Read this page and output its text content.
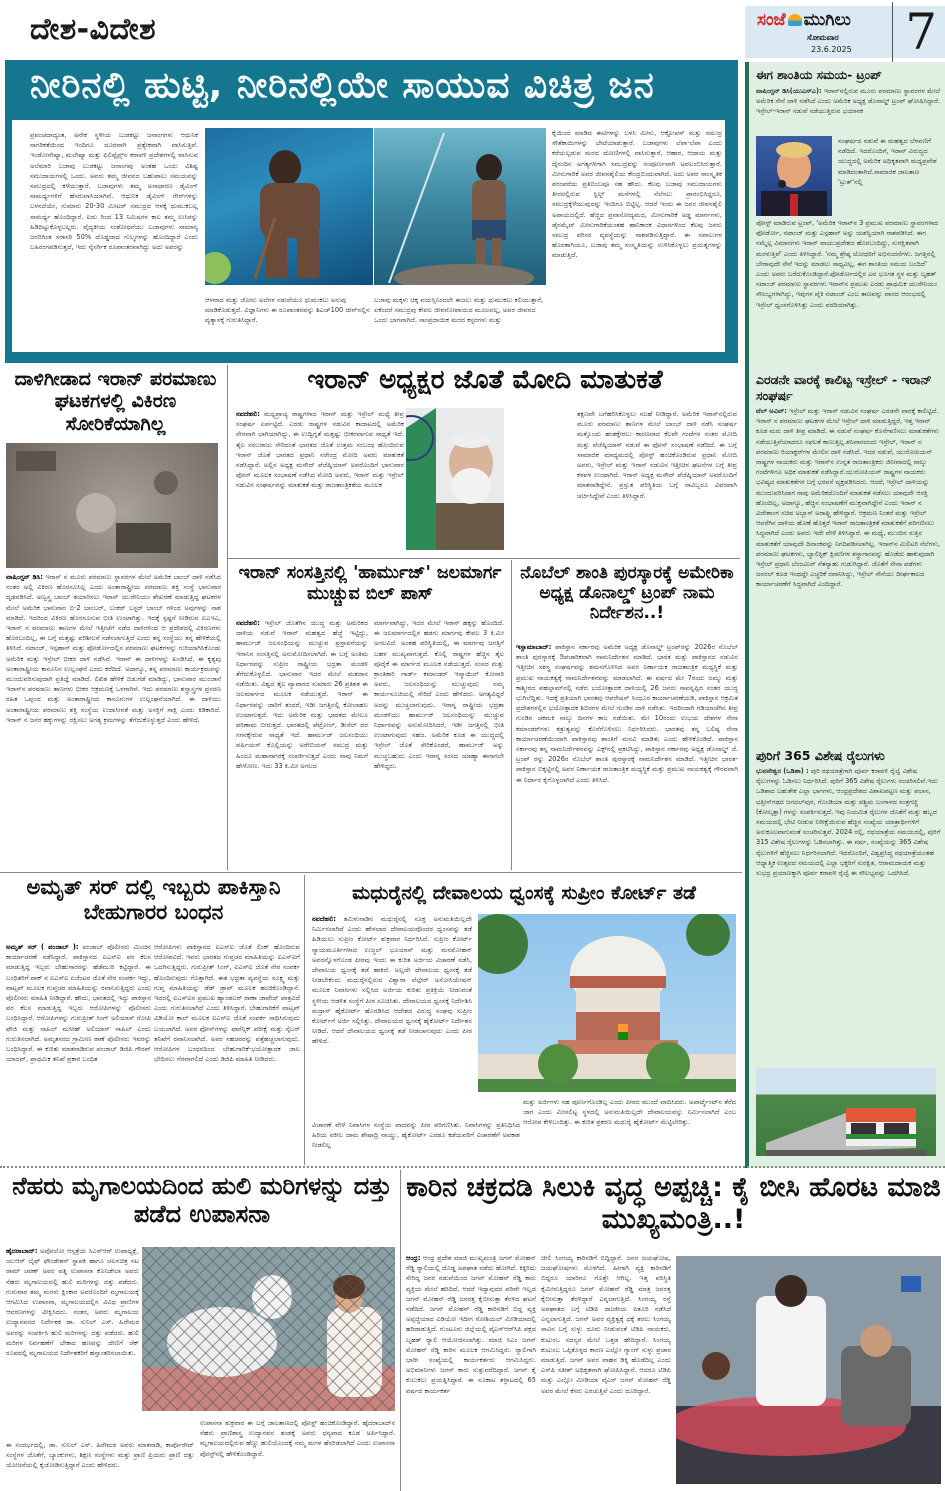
ದೇಶ-ವಿದೇಶ	ಸಂಜೆ ಮುಗಿಲು
ಸೋಮವಾರ
23.6.2025 7
ನೀರಿನಲ್ಲಿ ಹುಟ್ಟಿ, ನೀರಿನಲ್ಲಿಯೇ ಸಾಯುವ ವಿಚಿತ್ರ ಜನ
ಪ್ರಪಂಚದಾದ್ಯಂತ, ಅನೇಕ ಸ್ಥಳೀಯ ಬುಡಕಟ್ಟು ಜನಾಂಗಗಳು ಆಧುನಿಕ ನಾಗರಿಕತೆಯಿಂದ ಇಂದಿಗೂ ದೂರವಾಗಿ ಪ್ರತ್ಯೇಕವಾಗಿ ವಾಸಿಸುತ್ತಿವೆ. ಇಂಡೋನೇಷ್ಯಾ, ಮಲೇಷ್ಯಾ ಮತ್ತು ಫಿಲಿಪ್ಪೈನ್ಸ್‌ನ ಕರಾವಳಿ ಪ್ರದೇಶಗಳಲ್ಲಿ ವಾಸಿಸುವ ಅಲೆಮಾರಿ ಬಜಾವು ಬುಡಕಟ್ಟು ಜನಾಂಗವು ಅಂತಹ ಒಂದು ವಿಶಿಷ್ಟ ಸಮುದಾಯಗಳಲ್ಲಿ ಒಂದು. ಅವರು ತಮ್ಮ ಜೀವನದ ಬಹುಪಾಲು ಸಮಯವನ್ನು ಸಮುದ್ರದಲ್ಲಿ ಕಳೆಯುತ್ತಾರೆ. ಬಜಾವುಗಳು ತಮ್ಮ ಅಸಾಧಾರಣ ಡೈವಿಂಗ್ ಸಾಮರ್ಥ್ಯಗಳಿಗೆ ಹೆಸರುವಾಸಿಯಾಗಿವೆ. ಆಧುನಿಕ ಡೈವಿಂಗ್ ಗೇರ್‌ಗಳನ್ನು ಬಳಸದೆಯೇ, ಸುಮಾರು 20-30 ಮೀಟರ್ ಸಮುದ್ರದ ಆಳಕ್ಕೆ ಧುಮುಕಬಲ್ಲ ಸಾಮರ್ಥ್ಯ ಹೊಂದಿದ್ದಾರೆ. ಐದು ರಿಂದ 13 ನಿಮಿಷಗಳ ಕಾಲ ತಮ್ಮ ಉಸಿರನ್ನು ಹಿಡಿದಿಟ್ಟುಕೊಳ್ಳಬಲ್ಲರು. ವೈದ್ಯಕೀಯ ಸಂಶೋಧನೆಯು ಬಜಾವುಗಳು ಸಾಮಾನ್ಯ ಜನರಿಗಿಂತ ಸರಾಸರಿ 50% ದೊಡ್ಡದಾದ ಗುಲ್ಮಗಳನ್ನು ಹೊಂದಿದ್ದಾರೆ ಎಂದು ಬಹಿರಂಗಪಡಿಸುತ್ತದೆ, ಇದು ನೈಸರ್ಗಿಕ ರೂಪಾಂತರವಾಗಿದ್ದು ಅದು ಅವರನ್ನು
ಆಳವಾದ ಮತ್ತು ಜೋರು ಅಲೆಗಳ ನಡುವೆಯೂ ಧುಮುಕಲು ಅನುವು ಮಾಡಿಕೊಡುತ್ತದೆ. ವಿಜ್ಞಾನಿಗಳು ಈ ರೂಪಾಂತರವನ್ನು ಶಿಎಚ್100 ಜೀನ್‌ನಲ್ಲಿನ ವ್ಯತ್ಯಾಸಕ್ಕೆ ಗುರುತಿಸಿದ್ದಾರೆ.
ಬಜಾವು ಮಕ್ಕಳು ಚಿಕ್ಕ ವಯಸ್ಸಿನಿಂದಲೇ ಈಜಲು ಮತ್ತು ಧುಮುಕಲು ಕಲಿಯುತ್ತಾರೆ, ಏಕೆಂದರೆ ಸಮುದ್ರವು ಕೇವಲ ಜೀವನೋಪಾಯದ ಮೂಲವಲ್ಲ, ಅವರ ಜೀವನದ ಒಂದು ಭಾಗವಾಗಿದೆ. ಸಾಂಪ್ರದಾಯಿಕ ಮರದ ಕಸ್ಟರಗಳು ಮತ್ತು
ಕೈಯಿಂದ ಮಾಡಿದ ಈಟಿಗಳನ್ನು ಬಳಸಿ ಮೀನು, ಆಕ್ಟೋಪಸ್ ಮತ್ತು ಸಮುದ್ರ ಸೌತೆಕಾಯಿಗಳನ್ನು ಬೇಟೆಯಾಡುತ್ತಾರೆ. ಬಜಾವುಗಳು ಲೆಪಾ-ಲೆಪಾ ಎಂದು ಕರೆಯಲ್ಪಡುವ ಮರದ ದೋಣಿಗಳಲ್ಲಿ ವಾಸಿಸುತ್ತಾರೆ, ಆಹಾರ, ಆದಾಯ ಮತ್ತು ದೈನಂದಿನ ಅಗತ್ಯಗಳಿಗಾಗಿ ಸಮುದ್ರವನ್ನು ಸಂಪೂರ್ಣವಾಗಿ ಅವಲಂಬಿಸಿರುತ್ತಾರೆ. ಮೀನುಗಾರಿಕೆ ಅವರ ಜೀವನಶೈಲಿಯ ಕೇಂದ್ರಬಿಂದುವಾಗಿದೆ. ಅದು ಅವರ ಸಾಂಸ್ಕೃತಿಕ ಪರಂಪರೆಯ ಪ್ರತಿಬಿಂಬವೂ ಸಹ ಹೌದು. ಕೆಲವು ಬಜಾವು ಸಮುದಾಯಗಳು ತೀರದಲ್ಲಿರುವ ಸ್ಟಿಲ್ಟ್ ಮನೆಗಳಲ್ಲಿ ನೆಲೆಸಲು ಪ್ರಾರಂಭಿಸಿದ್ದರೂ, ಸಮುದ್ರಕ್ಕೆಳೆಯುವುದನ್ನು ಇಂದಿಗೂ ಬಿಟ್ಟಿಲ್ಲ. ಆದರೆ ಇಂದು ಈ ಜನರ ಜೀವನಶೈಲಿ ಅಪಾಯದಲ್ಲಿದೆ. ಹೆಚ್ಚಿದ ಪ್ರವಾಸೋದ್ಯಮದ, ಮೀನುಗಾರಿಕೆ ಅಡ್ಡ ಮಾರ್ಗಗಳು, ಡೈನಮೈಟ್ ಮೀನುಗಾರಿಕೆಯಂತಹ ಹಾನಿಕಾರಕ ವಿಧಾನಗಳಿಂದ ಕೆಲವು ಜನರು ಸಮುದ್ರ ಪರಿಸರ ವ್ಯವಸ್ಥೆಯನ್ನು ನಾಶಪಡಿಸುತ್ತಿದ್ದಾರೆ. ಈ ಸವಾಲುಗಳ ಹೊರತಾಗಿಯೂ, ಬಜಾವು ತಮ್ಮ ಸಂಸ್ಕೃತಿಯನ್ನು ಉಳಿಸಿಕೊಳ್ಳಲು ಪ್ರಯತ್ನಗಳನ್ನು ಮಾಡುತ್ತಿದೆ.
ದಾಳಿಗೀಡಾದ ಇರಾನ್ ಪರಮಾಣು ಘಟಕಗಳಲ್ಲಿ ವಿಕಿರಣ ಸೋರಿಕೆಯಾಗಿಲ್ಲ
ವಾಷಿಂಗ್ಟನ್ ಡಿಸಿ: ಇರಾನ್ ನ ಮೂರು ಪರಮಾಣು ಸ್ಥಾವರಗಳ ಮೇಲೆ ಅಮೆರಿಕ ಬಾಂಬ್ ದಾಳಿ ನಡೆಸಿದ ನಂತರ ಅಲ್ಲಿ ವಿಕಿರಣ ಹೊರಸೂಸಿಲ್ಲ ಎಂದು ಅಂತಾರಾಷ್ಟ್ರೀಯ ಪರಮಾಣು ಶಕ್ತಿ ಸಂಸ್ಥೆ ಭಾನುವಾರ ದೃಢಪಡಿಸಿದೆ. ಅಣ್ವಸ್ತ್ರ ಬಾಂಬ್ ತಯಾರಿಸಲು ಇರಾನ್ ಯುರೇನಿಯಂ ಶೇಖರಣೆ ಮಾಡುತ್ತಿದ್ದ ಘಟಕಗಳ ಮೇಲೆ ಅಮೆರಿಕ ಭಾನುವಾರ ಬಿ-2 ಬಾಂಬರ್, ಬಂಕರ್ ಬಸ್ಟರ್ ಬಾಂಬ್ ಗಳಿಂದ ಅವುಗಳನ್ನು ನಾಶ ಮಾಡಿದೆ. ಇದರಿಂದ ವಿಕಿರಣ ಹೊರಸೂಸುವ ಭೀತಿ ಉಂಟಾಗಿತ್ತು. ಇದಕ್ಕೆ ಸ್ಪಷ್ಟನೆ ನೀಡಿರುವ ಐಎಇಎ, ಇರಾನ್ ನ ಪರಮಾಣು ತಾಣಗಳ ಮೇಲೆ ಇತ್ತೀಚೆಗೆ ನಡೆದ ದಾಳಿಗಳಿಂದ ಆ ಪ್ರದೇಶದಲ್ಲಿ ವಿಕಿರಣಗಳು ಹೊರಬಂದಿಲ್ಲ, ಈ ಬಗ್ಗೆ ಮತ್ತಷ್ಟು ಪರಿಶೀಲನೆ ನಡೆಸಲಾಗುತ್ತಿದೆ ಎಂದು ತನ್ನ ಸಂಸ್ಥೆಯು ತನ್ನ ಹೇಳಿಕೆಯಲ್ಲಿ ತಿಳಿಸಿದೆ. ನಟಾಂಜ್, ಇಸ್ಫಹಾನ್ ಮತ್ತು ಫೋರ್ಡೋದಲ್ಲಿನ ಪರಮಾಣು ಘಟಕಗಳನ್ನು ಗುರಿಯಾಗಿಸಿಕೊಂಡು ಅಮೆರಿಕ ಮತ್ತು ಇಸ್ರೇಲ್ ಭೀಕರ ದಾಳಿ ನಡೆಸಿವೆ. ಇರಾನ್ ಈ ದಾಳಿಗಳನ್ನು ಖಂಡಿಸಿದೆ. ಈ ಕೃತ್ಯವು ಅಂತಾರಾಷ್ಟ್ರೀಯ ಕಾನೂನಿನ ಉಲ್ಲಂಘನೆ ಎಂದು ಕರೆದಿದೆ. ಅದಾಗ್ಯೂ, ತನ್ನ ಪರಮಾಣು ಕಾರ್ಯಕ್ರಮವನ್ನು ಮುಂದುವರಿಸುವುದಾಗಿ ಪ್ರತಿಜ್ಞೆ ಮಾಡಿದೆ. ಲಿಖಿತ ಹೇಳಿಕೆ ಬಿಡುಗಡೆ ಮಾಡಿದ್ದು, ಭಾನುವಾರ ಮುಂಜಾನೆ ಇರಾನ್‌ನ ಪರಮಾಣು ತಾಣಗಳು ಭೀಕರ ಆಕ್ರಮಣಕ್ಕೆ ಒಳಗಾಗಿವೆ. ಇದು ಪರಮಾಣು ಶಸ್ತ್ರಾಸ್ತ್ರಗಳ ಪ್ರಸರಣ ರಹಿತ ಒಪ್ಪಂದ ಮತ್ತು ಅಂತಾರಾಷ್ಟ್ರೀಯ ಕಾನೂನುಗಳ ಉಲ್ಲಂಘನೆಯಾಗಿದೆ. ಈ ದಾಳಿಯು ಅಂತಾರಾಷ್ಟ್ರೀಯ ಪರಮಾಣು ಶಕ್ತಿ ಸಂಸ್ಥೆಯ ಉದಾಸೀನತೆ ಮತ್ತು ಅಸಕ್ತಿಗೆ ಸಾಕ್ಷಿ ಎಂದು ಕಿಡಿಕಾರಿದೆ. ಇರಾನ್ ನ ಜನರ ಹಕ್ಕುಗಳನ್ನು ರಕ್ಷಿಸಲು ಅಗತ್ಯ ಕ್ರಮಗಳನ್ನು ತೆಗೆದುಕೊಳ್ಳುತ್ತದೆ ಎಂದು ಹೇಳಿದೆ.
ಇರಾನ್ ಅಧ್ಯಕ್ಷರ ಜೊತೆ ಮೋದಿ ಮಾತುಕತೆ
ನವದೆಹಲಿ: ಮಧ್ಯಪ್ರಾಚ್ಯ ರಾಷ್ಟ್ರಗಳಾದ ಇರಾನ್ ಮತ್ತು ಇಸ್ರೇಲ್ ಮಧ್ಯೆ ತೀವ್ರ ಸಂಘರ್ಷ ಏರ್ಪಟ್ಟಿದೆ. ಎರಡು ರಾಷ್ಟ್ರಗಳ ನಡುವಿನ ಕಾದಾಟದಲ್ಲಿ ಅಮೆರಿಕ ನೇರವಾಗಿ ಭಾಗಿಯಾಗಿದ್ದು, ಈ ಉದ್ವಿಗ್ನತೆ ಮತ್ತಷ್ಟು ಭೀಕರವಾಗುವ ಸಾಧ್ಯತೆ ಇದೆ. ತೈಲ ಸರಬರಾಜು ಸೇರಿದಂತೆ ಭಾರತದ ಜೊತೆ ಉತ್ತಮ ಸಂಬಂಧ ಹೊಂದಿರುವ ಇರಾನ್ ಜೊತೆ ಭಾರತದ ಪ್ರಧಾನಿ ನರೇಂದ್ರ ಮೋದಿ ಅವರು ಮಾತುಕತೆ ನಡೆಸಿದ್ದಾರೆ. ಅಲ್ಲಿನ ಅಧ್ಯಕ್ಷ ಮಸೌದ್ ಪೆಜೆಷ್ಕಿಯಾನ್ ಅವರೊಂದಿಗೆ ಭಾನುವಾರ ಫೋನ್ ಮೂಲಕ ಸಂಭಾಷಣೆ ನಡೆಸಿದ ಮೋದಿ ಅವರು, ಇರಾನ್ ಮತ್ತು ಇಸ್ರೇಲ್ ನಡುವಿನ ಸಂಘರ್ಷವನ್ನು ಮಾತುಕತೆ ಮತ್ತು ರಾಜತಾಂತ್ರಿಕತೆಯ ಮೂಲಕ
ತಕ್ಷಣವೇ ಬಗೆಹರಿಸಿಕೊಳ್ಳಲು ಸಲಹೆ ನೀಡಿದ್ದಾರೆ. ಅಮೆರಿಕ ಇರಾನ್‌ನಲ್ಲಿರುವ ಮೂರು ಪರಮಾಣು ತಾಣಗಳ ಮೇಲೆ ಬಾಂಬ್ ದಾಳಿ ನಡೆಸಿ ಸಂಘರ್ಷ ಮತ್ತೊಂದು ಹಂತಕ್ಕೇರಲು ಕಾರಣವಾದ ಕೆಲವೇ ಗಂಟೆಗಳ ನಂತರ ಮೋದಿ ಮತ್ತು ಪೆಜೆಷ್ಕಿಯಾನ್ ನಡುವೆ ಈ ಫೋನ್ ಸಂಭಾಷಣೆ ನಡೆದಿದೆ. ಈ ಬಗ್ಗೆ ಸಾಮಾಜಿಕ ಮಾಧ್ಯಮದಲ್ಲಿ ಪೋಸ್ಟ್ ಹಂಚಿಕೊಂಡಿರುವ ಪ್ರಧಾನಿ ಮೋದಿ ಅವರು, ಇಸ್ರೇಲ್ ಮತ್ತು ಇರಾನ್ ನಡುವಿನ ಇತ್ತೀಚಿನ ಘಟನೆಗಳ ಬಗ್ಗೆ ತೀವ್ರ ಕಳವಳ ಉಂಟಾಗಿದೆ. ಇರಾನ್ ಅಧ್ಯಕ್ಷ ಮಸೌದ್ ಪೆಜೆಷ್ಕಿಯಾನ್ ಅವರೊಂದಿಗೆ ಮಾತನಾಡಿದ್ದೇನೆ. ಪ್ರಸ್ತುತ ಪರಿಸ್ಥಿತಿಯ ಬಗ್ಗೆ ನಾವಿಬ್ಬರೂ ವಿವರವಾಗಿ ಚರ್ಚಿಸಿದ್ದೇವೆ ಎಂದು ತಿಳಿಸಿದ್ದಾರೆ.
ಇರಾನ್ ಸಂಸತ್ತಿನಲ್ಲಿ 'ಹಾರ್ಮುಜ್' ಜಲಮಾರ್ಗ ಮುಚ್ಚುವ ಬಿಲ್ ಪಾಸ್
ನವದೆಹಲಿ: ಇಸ್ರೇಲ್ ಜೊತೆಗಿನ ಯುದ್ಧ ಮತ್ತು ಅಮೆರಿಕದ ದಾಳಿಯ ನಡುವೆ ಇರಾನ್ ಮಹತ್ವದ ಹೆಜ್ಜೆ ಇಟ್ಟಿದ್ದು, ಹಾರ್ಮುಜ್ ಜಲಸಂಧಿಯನ್ನು ಮುಚ್ಚುವ ಪ್ರಸ್ತಾವನೆಯನ್ನು ಇರಾನಿನ ಸಂಸತ್ತಿನಲ್ಲಿ ಅನುಮೋದಿಸಲಾಗಿದೆ. ಈ ಬಗ್ಗೆ ಅಂತಿಮ ನಿರ್ಧಾರವನ್ನು ಸುಪ್ರೀಂ ರಾಷ್ಟ್ರೀಯ ಭದ್ರತಾ ಮಂಡಳಿ ತೆಗೆದುಕೊಳ್ಳಲಿದೆ. ಭಾನುವಾರ ಇದರ ಮೇಲೆ ಮತದಾನ ನಡೆಯಿತು. ವಿಶ್ವದ ತೈಲ ವ್ಯಾಪಾರದ ಸುಮಾರು 26 ಪ್ರತಿಶತ ಈ ಜಲಮಾರ್ಗದ ಮೂಲಕ ನಡೆಯುತ್ತದೆ. ಇರಾನ್ ಈ ನಿರ್ಧಾರವನ್ನು ಜಾರಿಗೆ ತಂದರೆ, ಇಡೀ ಜಗತ್ತಿನಲ್ಲಿ ಕೋಲಾಹಲ ಉಂಟಾಗುತ್ತದೆ. ಇದು ಅಮೆರಿಕ ಮತ್ತು ಭಾರತದ ಮೇಲೂ ಪರಿಣಾಮ ಬೀರುತ್ತದೆ. ಭಾರತದಲ್ಲಿ ಪೆಟ್ರೋಲ್, ಡೀಸೆಲ್ ದರ ಗಗನಕ್ಕೇರುವ ಸಾಧ್ಯತೆ ಇದೆ. ಹಾರ್ಮುಜ್ ಜಲಸಂಧಿಯು ಪರ್ಷಿಯನ್ ಕೊಲ್ಲಿಯನ್ನು ಅರೇಬಿಯನ್ ಸಮುದ್ರ ಮತ್ತು ಹಿಂದೂ ಮಹಾಸಾಗರಕ್ಕೆ ಸಂಪರ್ಕಿಸುತ್ತದೆ ಎಂದು ನಾವು ನಿಮಗೆ ಹೇಳೋಣ. ಇದು 33 ಕಿ.ಮೀ ಅಗಲದ
ಮಾರ್ಗವಾಗಿದ್ದು, ಇದರ ಮೇಲೆ ಇರಾನ್ ಹಕ್ಕನ್ನು ಹೊಂದಿದೆ. ಈ ಜಲಮಾರ್ಗದಲ್ಲಿನ ಹಡಗು ಮಾರ್ಗವು ಕೇವಲ 3 ಕಿ.ಮೀ ಅಗಲವಿದೆ. ಅಂತಹ ಪರಿಸ್ಥಿತಿಯಲ್ಲಿ, ಈ ಮಾರ್ಗವು ಜಗತ್ತಿಗೆ ಬಹಳ ಮುಖ್ಯವಾಗುತ್ತದೆ. ಕೊಲ್ಲಿ ರಾಷ್ಟ್ರಗಳ ಹೆಚ್ಚಿನ ತೈಲ ಪೂರೈಕೆ ಈ ಮಾರ್ಗದ ಮೂಲಕ ನಡೆಯುತ್ತದೆ. ಸಂಸದ ಮತ್ತು ಕ್ರಾಂತಿಕಾರಿ ಗಾರ್ಡ್ ಕಮಾಂಡರ್ ಇಸ್ಮಾಯಿಲ್ ಕೋಸಾರಿ ಅವರು, ಜಲಸಂಧಿಯನ್ನು ಮುಚ್ಚುವುದು ನಮ್ಮ ಕಾರ್ಯಸೂಚಿಯಲ್ಲಿ ಸೇರಿದೆ ಎಂದು ಹೇಳಿದರು. ಅಗತ್ಯವಿದ್ದರೆ ಅದನ್ನು ಮುಚ್ಚಲಾಗುವುದು. ಇರಾನ್ನ ರಾಷ್ಟ್ರೀಯ ಭದ್ರತಾ ಮಂಡಳಿಯು ಹಾರ್ಮುಜ್ ಜಲಸಂಧಿಯನ್ನು ಮುಚ್ಚುವ ನಿರ್ಧಾರವನ್ನು ಅನುಮೋದಿಸಿದರೆ, ಇಡೀ ಜಗತ್ತಿನಲ್ಲಿ ಭೀತಿ ಉಂಟಾಗುವುದು ಸಹಜ. ಅಮೆರಿಕ ಕೂಡ ಈ ಯುದ್ಧದಲ್ಲಿ ಇಸ್ರೇಲ್ ಜೊತೆ ಸೇರಿಕೊಂಡರೆ, ಹಾರ್ಮುಜ್ ಅನ್ನು ಮುಚ್ಚಬಹುದು ಎಂದು ಇರಾನ್ನ ಸಂಸದ ಯಾಹ್ಯಾ ಈಗಾಗಲೇ ಹೇಳಿದ್ದರು.
ನೊಬೆಲ್ ಶಾಂತಿ ಪುರಸ್ಕಾರಕ್ಕೆ ಅಮೇರಿಕಾ ಅಧ್ಯಕ್ಷ ಡೊನಾಲ್ಡ್ ಟ್ರಂಪ್ ನಾಮ ನಿರ್ದೇಶನ..!
ಇಸ್ಲಾಮಾಬಾದ್: ಪಾಕಿಸ್ತಾನ ಸರ್ಕಾರವು ಅಮೆರಿಕ ಅಧ್ಯಕ್ಷ ಡೊನಾಲ್ಡ್ ಟ್ರಂಪ್‌ರನ್ನು 2026ರ ನೊಬೆಲ್ ಶಾಂತಿ ಪುರಸ್ಕಾರಕ್ಕೆ ಔಪಚಾರಿಕವಾಗಿ ನಾಮನಿರ್ದೇಶನ ಮಾಡಿದೆ. ಭಾರತ ಮತ್ತು ಪಾಕಿಸ್ತಾನದ ನಡುವಿನ ಇತ್ತೀಚಿನ ಸಶಸ್ತ್ರ ಸಂಘರ್ಷವನ್ನು ಶಮನಗೊಳಿಸಿದ ಅವರ ನಿರ್ಣಾಯಕ ರಾಜತಾಂತ್ರಿಕ ಮಧ್ಯಸ್ಥಿಕೆ ಮತ್ತು ಪ್ರಮುಖ ನಾಯಕತ್ವಕ್ಕೆ ನಾಮನಿರ್ದೇಶನವನ್ನು ಮಾಡಲಾಗಿದೆ. ಈ ವರ್ಷದ ಮೇ 7ರಂದು ಜಮ್ಮು ಮತ್ತು ಕಾಶ್ಮೀರದ ಪಹಲ್ಗಾಮ್‌ನಲ್ಲಿ ನಡೆದ ಭಯೋತ್ಪಾದಕ ದಾಳಿಯಲ್ಲಿ 26 ಜನರು ಸಾವನ್ನಪ್ಪಿದ ನಂತರ ಯುದ್ಧ ಭುಗಿಲೆದ್ದಿತು. ಇದಕ್ಕೆ ಪ್ರತಿಯಾಗಿ ಭಾರತವು ಆಪರೇಷನ್ ಸಿಂಧೂರ ಕಾರ್ಯಾಚರಣೆಯಡಿ, ಪಾಕಿಸ್ತಾನ ಆಕ್ರಮಿತ ಪ್ರದೇಶಗಳಲ್ಲಿನ ಭಯೋತ್ಪಾದಕ ಶಿಬಿರಗಳ ಮೇಲೆ ಗುಂಡಿನ ದಾಳಿ ನಡೆಸಿತು. ಇದರಿಂದಾಗಿ ಗಡಿಯಾಚೆಗಿನ ತೀವ್ರ ಗುಂಡಿನ ಚಕಮಕಿ ನಾಲ್ಕು ದಿನಗಳ ಕಾಲ ನಡೆಯಿತು. ಮೇ 10ರಂದು ಉಭಯ ದೇಶಗಳ ಸೇನಾ ಕಮಾಂಡರ್‌ಗಳು ಶತ್ರುತ್ವವನ್ನು ಕೊನೆಗೊಳಿಸಲು ನಿರ್ಧರಿಸಿದರು. ಭಾರತವು ತನ್ನ ಬಲಿಷ್ಠ ಸೇನಾ ಕಾರ್ಯಾಚರಣೆಯಿಂದಾಗಿ ಪಾಕಿಸ್ತಾನವು ಶಾಂತಿಗೆ ಮನವಿ ಮಾಡಿತು ಎಂದು ಹೇಳಿಕೊಂಡಿದೆ. ಪಾಕಿಸ್ತಾನ ಸರ್ಕಾರವು ತನ್ನ ನಾಮನಿರ್ದೇಶನವನ್ನು ಎಕ್ಸ್‌ನಲ್ಲಿ ಪ್ರಕಟಿಸಿದ್ದು, ಪಾಕಿಸ್ತಾನ ಸರ್ಕಾರವು ಅಧ್ಯಕ್ಷ ಡೊನಾಲ್ಡ್ ಜೆ. ಟ್ರಂಪ್ ರನ್ನು 2026ರ ನೊಬೆಲ್ ಶಾಂತಿ ಪುರಸ್ಕಾರಕ್ಕೆ ನಾಮನಿರ್ದೇಶನ ಮಾಡಿದೆ. ಇತ್ತೀಚಿನ ಭಾರತ-ಪಾಕಿಸ್ತಾನ ಬಿಕ್ಕಟ್ಟಿನಲ್ಲಿ ಅವರ ನಿರ್ಣಾಯಕ ರಾಜತಾಂತ್ರಿಕ ಮಧ್ಯಸ್ಥಿಕೆ ಮತ್ತು ಪ್ರಮುಖ ನಾಯಕತ್ವಕ್ಕೆ ಗೌರವವಾಗಿ ಈ ನಿರ್ಧಾರ ಕೈಗೊಳ್ಳಲಾಗಿದೆ ಎಂದು ತಿಳಿಸಿದೆ.
ಅಮೃತ್ ಸರ್ ದಲ್ಲಿ ಇಬ್ಬರು ಪಾಕಿಸ್ತಾನಿ ಬೇಹುಗಾರರ ಬಂಧನ
ಅಮೃತ್ ಸರ್ ( ಪಂಜಾಬ್ ): ಪಂಜಾಬ್ ಪೊಲೀಸರು ಮಿಂಚಿನ ಕಾರ್ಯಾಚರಣೆ ನಡೆಸಿದ್ದಾರೆ. ಪಾಕಿಸ್ತಾನದ ಐಎಸ್ಐ ಪರ ಕೆಲಸ ಮಾಡುತ್ತಿದ್ದ ಇಬ್ಬರು ಬೇಹುಗಾರರನ್ನು ಹೆಡೆಮುರಿ ಕಟ್ಟಿದ್ದಾರೆ. ಈ ಬಂಧಿತರಿಗೆ ಪಾಕ್ ನ ಐಎಸ್ಐ ಏಜೆಂಟರ ಜೊತೆ ನೇರ ಸಂಪರ್ಕ ಇದ್ದು, ವಾಟ್ಸಪ್ ಮೂಲಕ ಗುಪ್ತಚರ ಮಾಹಿತಿಯನ್ನು ರವಾನಿಸುತ್ತಿದ್ದರು ಎಂದು ಪೊಲೀಸರು ಮಾಹಿತಿ ನೀಡಿದ್ದಾರೆ. ಹೌದು, ಭಾರತದಲ್ಲಿ ಇದ್ದು ಪಾಕಿಸ್ತಾನ ಪರ ಕೆಲಸ ಮಾಡುತ್ತಿದ್ದ ಇಬ್ಬರು ಆರೋಪಿಗಳನ್ನು ಪೊಲೀಸರು ಬಂಧಿಸಿದ್ದಾರೆ. ಆರೋಪಿಗಳನ್ನು ಗುರುಪ್ರೀತ್ ಸಿಂಗ್ ಅಲಿಯಾಸ್ ಗೋಪಿ ಫೌಜಿ ಮತ್ತು ಸಾಹಿಲ್ ಮಸೀಹ್ ಅಲಿಯಾಸ್ ಸಾಹಿಲ್ ಎಂದು ಗುರುತಿಸಲಾಗಿದೆ. ಅಮೃತಸರದ ಗ್ರಾಮೀಣ ಠಾಣೆ ಪೊಲೀಸರು ಇವರನ್ನು ಬಂಧಿಸಿದ್ದಾರೆ. ಈ ಕುರಿತು ಮಾತನಾಡಿರುವ ಪಂಜಾಬ್ ಡಿಜಿಪಿ ಗೌರವ್ ಯಾದವ್, ಪ್ರಾಥಮಿಕ ತನಿಖೆ ಪ್ರಕಾರ ಬಂಧಿತ
ಆರೋಪಿಗಳು ಪಾಕಿಸ್ತಾನದ ಐಎಸ್ಐ ಜೊತೆ ಲಿಂಕ್ ಹೊಂದಿರುವ ಆರೋಪವಿದೆ. ಇವರು ಭಾರತದ ಗುಪ್ತಚರ ಮಾಹಿತಿಯನ್ನು ಐಎಸ್ಐಗೆ ಒದಗಿಸುತ್ತಿದ್ದರು. ಗುರುಪ್ರೀತ್ ಸಿಂಗ್, ಐಎಸ್ಐ ಜೊತೆ ನೇರ ಸಂಪರ್ಕ ಹೊಂದಿರುವುದು ಗೊತ್ತಾಗಿದೆ. ಈತ ಭದ್ರತಾ ವ್ಯವಸ್ಥೆಯ ಸೂಕ್ಷ್ಮ ಮತ್ತು ಗುಪ್ತ ಮಾಹಿತಿಯನ್ನು ಡೆಡ್ ಡ್ರಾಪ್ ಮೂಲಕ ಹಂಚಿಕೊಂಡಿದ್ದಾನೆ. ಇದರಲ್ಲಿ ಐಎಸ್ಐನ ಪ್ರಮುಖ ಹ್ಯಾಂಡಲರ್ ರಾಣಾ ಜಾವೇದ್ ಪಾತ್ರವಿದೆ ಎಂದು ಗುರುತಿಸಲಾಗಿದೆ ಎಂದು ತಿಳಿಸಿದ್ದಾರೆ. ಬೇಹುಗಾರಿಕೆಗೆ ವಾಟ್ಸಪ್ ವಿಡಿಯೋ ಕಾಲ್ ಮೂಲಕ ಐಎಸ್ಐ ಜೊತೆ ಸಂಪರ್ಕ ಸಾಧಿಸಿರುವುದು ಬಯಲಾಗಿದೆ. ಅವರ ಫೋನ್‌ಗಳನ್ನು ಫಾರೆನ್ಸಿಕ್ ಪರೀಕ್ಷೆ ಮತ್ತು ಸೈಬರ್ ತನಿಖೆಗೆ ರವಾನಿಸಲಾಗಿದೆ. ಅವರ ಸಹಚರರನ್ನು ಪತ್ತೆಹಚ್ಚಲಾಗುವುದು. ಆರೋಪಿಗಳ ಬಂಧನದಿಂದ ಬೇಹುಗಾರಿಕೆ-ಭಯೋತ್ಪಾದಕ ಜಾಲ ಭೇದಿಸಲು ನೆರವಾಗಲಿದೆ ಎಂದು ಡಿಜಿಪಿ ಮಾಹಿತಿ ನೀಡಿದರು.
ಮಧುರೈನಲ್ಲಿ ದೇವಾಲಯ ಧ್ವಂಸಕ್ಕೆ ಸುಪ್ರೀಂ ಕೋರ್ಟ್ ತಡೆ
ನವದೆಹಲಿ: ತಮಿಳುನಾಡಿನ ಮಧುರೈನಲ್ಲಿ ಸೂಕ್ತ ಅನುಮತಿಯಿಲ್ಲದೇ ನಿರ್ಮಿಸಲಾಗಿದೆ ಎಂದು ಹೇಳಲಾದ ದೇವಾಲಯವೊಂದರ ಧ್ವಂಸವನ್ನು ತಡೆ ಹಿಡಿಯಲು ಸುಪ್ರೀಂ ಕೋರ್ಟ್ ಶುಕ್ರವಾರ ನಿರ್ಧರಿಸಿದೆ. ಸುಪ್ರೀಂ ಕೋರ್ಟ್ ನ್ಯಾಯಮೂರ್ತಿಗಳಾದ ಉಜ್ಜಲ್ ಭೂಯಾನ್ ಮತ್ತು ಮನಮೋಹನ್ ಅವರನ್ನೊಳಗೊಂಡ ಪೀಠವು ಇಂದು ಈ ಕುರಿತ ಅರ್ಜಿಯ ವಿಚಾರಣೆ ನಡೆಸಿ, ದೇವಾಲಯ ಧ್ವಂಸಕ್ಕೆ ತಡೆ ಹಾಕಿದೆ. ಅಲ್ಲದೇ ದೇವಾಲಯ ಧ್ವಂಸಕ್ಕೆ ತಡೆ ನೀಡಬೇಕೆಂದು ಮಧುರೈನಲ್ಲಿರುವ ವಿಶ್ವಾರಾ ವೆಲ್ಫೇರ್ ಅಸೋಸಿಯೇಷನ್ ಮೂಲಕ ನಿವಾಸಿಗಳು ಸಲ್ಲಿಸಿದ ಅರ್ಜಿಯ ಕುರಿತು ಪ್ರತಿಕ್ರಿಯೆ ನೀಡುವಂತೆ ಸ್ಥಳೀಯ ಆಡಳಿತ ಸಂಸ್ಥೆಗೆ ಪೀಠ ಸೂಚಿಸಿತು. ದೇವಾಲಯದ ಧ್ವಂಸಕ್ಕೆ ನಿರ್ದೇಶಿಸಿ ಮದ್ರಾಸ್ ಹೈಕೋರ್ಟ್ ಹೊರಡಿಸಿದ ಆದೇಶದ ವಿರುದ್ಧ ಸಂಘವು ಸುಪ್ರೀಂ ಕೋರ್ಟ್‌ಗೆ ಅರ್ಜಿ ಸಲ್ಲಿಸಿತ್ತು. ದೇವಾಲಯದ ಧ್ವಂಸಕ್ಕೆ ಹೈಕೋರ್ಟ್ ನಿರ್ದೇಶನ ನೀಡಿದೆ. ಆದರೆ ದೇವಾಲಯದ ಧ್ವಂಸಕ್ಕೆ ತಡೆ ನೀಡಲಾಗುವುದು ಎಂದು ಪೀಠ ಹೇಳಿದೆ.
ವಿಚಾರಣೆ ವೇಳೆ ನಿವಾಸಿಗಳ ಸಂಸ್ಥೆಯ ವಾದವನ್ನು ಪೀಠ ಪರಿಗಣಿಸಿತು. ನಿವಾಸಿಗಳನ್ನು ಪ್ರತಿನಿಧಿಸಿದ ಹಿರಿಯ ವಕೀಲ ದಾಮ ಶೇಷಾದ್ರಿ ನಾಯ್ಡು, ಹೈಕೋರ್ಟ್ ಎರಡೂ ಕಡೆಯವರಿಗೆ ವಿಚಾರಣೆಗೆ ಅವಕಾಶ ನೀಡಲಿಲ್ಲ
ಮತ್ತು ಅರ್ಜಿಗಳು ಸಹ ಪೂರ್ಣಗೊಂಡಿಲ್ಲ ಎಂದು ಪೀಠದ ಮುಂದೆ ವಾದಿಸಿದರು. ಅಪಾರ್ಟ್ಮೆಂಟ್‌ನ ತೆರೆದ ಜಾಗ ಎಂದು ಮೀಸಲಿಟ್ಟ ಸ್ಥಳದಲ್ಲಿ ಅನುಮತಿಯಿಲ್ಲದೇ ದೇವಾಲಯವನ್ನು ನಿರ್ಮಿಸಲಾಗಿದೆ ಎಂಬ ಆರೋಪ ಕೇಳಿಬಂದಿತ್ತು. ಈ ಕುರಿತ ಪ್ರಕರಣ ಮಧುರೈ ಹೈಕೋರ್ಟ್ ಮೆಟ್ಟಿಲೇರಿತ್ತು.
ಈಗ ಶಾಂತಿಯ ಸಮಯ- ಟ್ರಂಪ್
ವಾಷಿಂಗ್ಟನ್ ಡಿಸಿ(ಯುಎಸ್‌ಎ): ಇರಾನ್‌ನಲ್ಲಿರುವ ಮೂರು ಪರಮಾಣು ಸ್ಥಾವರಗಳ ಮೇಲೆ ಅಮೆರಿಕ ಸೇನೆ ದಾಳಿ ನಡೆಸಿದೆ ಎಂದು ಅಮೆರಿಕ ಅಧ್ಯಕ್ಷ ಡೊನಾಲ್ಡ್ ಟ್ರಂಪ್ ಘೋಷಿಸಿದ್ದಾರೆ. ಇಸ್ರೇಲ್-ಇರಾನ್ ನಡುವೆ ನಡೆಯುತ್ತಿರುವ ಭಯಾನಕ
ಸಂಘರ್ಷದ ನಡುವೆ ಈ ಮಹತ್ವದ ಬೆಳವಣಿಗೆ ನಡೆದಿದೆ. ಇದರೊಂದಿಗೆ, ಇರಾನ್ ವಿರುದ್ಧದ ಯುದ್ಧದಲ್ಲಿ ಅಮೆರಿಕ ಅಧಿಕೃತವಾಗಿ ಮಧ್ಯಪ್ರವೇಶ ಮಾಡಿದಂತಾಗಿದೆ.ಸಾಮಾಜಿಕ ಜಾಲತಾಣ 'ಟ್ರುತ್'ನಲ್ಲಿ
ಪೋಸ್ಟ್ ಮಾಡಿರುವ ಟ್ರಂಪ್, 'ಅಮೆರಿಕ ಇರಾನ್‌ನ 3 ಪ್ರಮುಖ ಪರಮಾಣು ಸ್ಥಾವರಗಳಾದ ಫೋರ್ಡೋ, ನಟಾಂಜ್ ಮತ್ತು ಎಸ್ಫಹಾನ್ ಅನ್ನು ಯಶಸ್ವಿಯಾಗಿ ನಾಶಪಡಿಸಿದೆ. ಈಗ ನಮ್ಮೆಲ್ಲ ವಿಮಾನಗಳು ಇರಾನ್ ವಾಯುಪ್ರದೇಶದ ಹೊರಬಂದಿದ್ದು, ಸುರಕ್ಷಿತವಾಗಿ ಮರಳುತ್ತಿವೆ' ಎಂದು ತಿಳಿಸಿದ್ದಾರೆ. 'ನಮ್ಮ ಶ್ರೇಷ್ಠ ಯೋಧರಿಗೆ ಅಭಿನಂದನೆಗಳು. ಜಗತ್ತಿನಲ್ಲಿ ಬೇರಾವುದೇ ಸೇನೆ ಇದನ್ನು ಮಾಡಲು ಸಾಧ್ಯವಿಲ್ಲ, ಈಗ ಶಾಂತಿಯ ಸಮಯ ಬಂದಿದೆ' ಎಂದು ಅವರು ಬರೆದುಕೊಂಡಿದ್ದಾರೆ.ಫೋರ್ಡೋದಲ್ಲಿರ ಎವ ಭೂಗತ ಸ್ಥಳ ಮತ್ತು ಬೃಹತ್ ನಟಾಂಜ್ ಪರಮಾಣು ಸ್ಥಾವರಗಳು ಇರಾನ್‌ನ ಪ್ರಮುಖ ಎರಡು ಪ್ರಾಥಮಿಕ ಯುರೇನಿಯಂ ಸೌಲಭ್ಯಗಳಾಗಿದ್ದು, ಇವುಗಳ ಪೈಕಿ ನಟಾಂಜ್ ಎಂಬ ತಾಣವನ್ನು ವಾರದ ಆರಂಭದಲ್ಲಿ ಇಸ್ರೇಲ್ ಧ್ವಂಸಗೊಳಿಸಿತ್ತು ಎಂದು ವರದಿಯಾಗಿತ್ತು.
ಎರಡನೇ ವಾರಕ್ಕೆ ಕಾಲಿಟ್ಟ ಇಸ್ರೇಲ್ - ಇರಾನ್ ಸಂಘರ್ಷ
ಟೆಲ್ ಅವಿವ್: ಇಸ್ರೇಲ್ ಮತ್ತು ಇರಾನ್ ನಡುವಿನ ಸಂಘರ್ಷ ಎರಡನೇ ವಾರಕ್ಕೆ ಕಾಲಿಟ್ಟಿದೆ. ಇರಾನ್ ನ ಪರಮಾಣು ಘಟಕಗಳ ಮೇಲೆ ಇಸ್ರೇಲ್ ದಾಳಿ ಮಾಡುತ್ತಿದ್ದರೆ, ಇತ್ತ ಇರಾನ್ ಕೂಡ ಮರು ದಾಳಿ ತೀವ್ರ ಮಾಡಿದೆ. ಈ ನಡುವೆ ಸಂಘರ್ಷ ಕೊನೆಗಾಣಿಸಲು ಮಾತುಕತೆಗಳು ನಡೆಯುತ್ತಿವೆಯಾದರೂ ಸಫಲತೆ ಕಾಣುತ್ತಿಲ್ಲ.ಶನಿವಾರದಂದು ಇಸ್ರೇಲ್, ಇರಾನ್ ನ ಪರಮಾಣು ರಿಯಾಕ್ಟರ್‌ಗಳ ಮೇಲಿನ ದಾಳಿ ನಡೆಸಿದೆ. ಇದರ ನಡುವೆ, ಯುರೋಪಿಯನ್ ರಾಷ್ಟ್ರಗಳ ನಾಯಕರು ಮತ್ತು ಇರಾನ್‌ನ ಉನ್ನತ ರಾಜತಾಂತ್ರಿಕರು ಜಿನೀವಾದಲ್ಲಿ ನಾಲ್ಕು ಗಂಟೆಗಳಿಗೂ ಅಧಿಕ ಮಾತುಕತೆ ನಡೆಸಿದ್ದಾರೆ.ಯುರೋಪಿಯನ್ ರಾಷ್ಟ್ರಗಳ ನಾಯಕರು ಭವಿಷ್ಯದ ಮಾತುಕತೆಗಳ ಬಗ್ಗೆ ಭರವಸೆ ವ್ಯಕ್ತಪಡಿಸಿದರು. ಆದರೆ, ಇಸ್ರೇಲ್ ದಾಳಿಯನ್ನು ಮುಂದುವರಿಸಿದಾಗ ನಾವು ಅಮೆರಿಕದೊಂದಿಗೆ ಮಾತುಕತೆ ನಡೆಸಲು ಯಾವುದೇ ಆಸಕ್ತಿ ಹೊಂದಿಲ್ಲ, ಅದಾಗ್ಯೂ, ಹೆಚ್ಚಿನ ಸಂಭಾಷಣೆಗೆ ಮುಕ್ತವಾಗಿದ್ದೇನೆ ಎಂದು ಇರಾನ್ ನ ವಿದೇಶಾಂಗ ಸಚಿವ ಅಬ್ಬಾಸ್ ಅರಾಘ್ಚಿ ಹೇಳಿದ್ದಾರೆ. ಆಕ್ರಮಣ ನಿಂತರೆ ಮತ್ತು ಇಸ್ರೇಲ್ ಆವರೆಗಿನ ದಾಳಿಯ ಹೊಣೆ ಹೊತ್ತರೆ ಇರಾನ್ ರಾಜತಾಂತ್ರಿಕತೆ ಮಾತುಕತೆಗೆ ಪರಿಗಣಿಸಲು ಸಿದ್ಧವಾಗಿದೆ ಎಂದು ಅವರು ಇದೇ ವೇಳೆ ತಿಳಿಸಿದ್ದಾರೆ. ಈ ಮಧ್ಯೆ, ಮುಂದಿನ ಸುತ್ತಿನ ಮಾತುಕತೆಗೆ ಯಾವುದೇ ದಿನಾಂಕವನ್ನು ನಿಗದಿಪಡಿಸಲಾಗಿಲ್ಲ. ಇರಾನ್‌ನ ಮಿಲಿಟರಿ ನೆಲೆಗಳು, ಪರಮಾಣು ಘಟಕಗಳು, ಬ್ಯಾಲಿಸ್ಟಿಕ್ ಕ್ಷಿಪಣಿಗಳ ಶಸ್ತ್ರಾಗಾರವನ್ನು ಹೊಡೆದು ಹಾಕುವುದಾಗಿ ಇಸ್ರೇಲ್ ಪ್ರಧಾನಿ ಬೆಂಜಮಿನ್ ನೆತನ್ಯಾಹು ಗುಡುಗಿದ್ದಾರೆ. ಜೊತೆಗೆ ಸೇನಾ ಪಡೆಗಳು ಜನರಲ್ ಕೂಡ ಇಂಥದ್ದೇ ಎಚ್ಚರಿಕೆ ರವಾನಿಸಿದ್ದು, ಇಸ್ರೇಲ್ ಸೇನೆಯು ದೀರ್ಘಕಾಲದ ಕಾರ್ಯಾಚರಣೆಗೆ ಸಿದ್ಧವಾಗಿದೆ ಎಂದಿದ್ದಾರೆ.
ಪುರಿಗೆ 365 ವಿಶೇಷ ರೈಲುಗಳು
ಭುವನೇಶ್ವರ (ಒಡಿಶಾ) : ಪುರಿ ರಥಯಾತ್ರೆಗಾಗಿ ಪೂರ್ವ ಕರಾವಳಿ ರೈಲ್ವೆ ವಿಶೇಷ ರೈಲುಗಳನ್ನು ಓಡಿಸಲು ನಿರ್ಧರಿಸಿದೆ. ಪುರಿಗೆ 365 ವಿಶೇಷ ರೈಲುಗಳು ಸಂಚರಿಸಲಿವೆ.ಇದು ಒಡಿಶಾದ ಬಹುತೇಕ ಎಲ್ಲಾ ಭಾಗಗಳು, ಆಂಧ್ರಪ್ರದೇಶದ ವಿಶಾಖಪಟ್ಟಣ ಮತ್ತು ಪಲಾಸ, ಛತ್ತೀಸ್‌ಗಢದ ಜಗದಲ್‌ಪುರ, ಗೊಂಡಿಯಾ ಮತ್ತು ಪಶ್ಚಿಮ ಬಂಗಾಳದ ಸಂತ್ರಗಚ್ಚಿ (ಕೋಲ್ಕತ್ತಾ) ಗಳನ್ನು ಸಂಪರ್ಕಿಸುತ್ತದೆ. ಇವು ನಿಯಮಿತ ರೈಲುಗಳ ಜೊತೆಗೆ ಮತ್ತು ಹಬ್ಬದ ಸಮಯದಲ್ಲಿ ಭೇಟಿ ನೀಡುವ ನಿರೀಕ್ಷೆಯಿರುವ ಹೆಚ್ಚಿನ ಸಂಖ್ಯೆಯ ಯಾತ್ರಾರ್ಥಿಗಳಿಗೆ ಅನುಕೂಲವಾಗುವಂತೆ ಸಂಚರಿಸುತ್ತವೆ. 2024 ರಲ್ಲಿ, ರಥಯಾತ್ರೆಯ ಸಮಯದಲ್ಲಿ, ಪುರಿಗೆ 315 ವಿಶೇಷ ರೈಲುಗಳನ್ನು ಓಡಿಸಲಾಗಿತ್ತು. ಈ ವರ್ಷ, ಸಂಖ್ಯೆಯನ್ನು 365 ವಿಶೇಷ ರೈಲುಗಳಿಗೆ ಹೆಚ್ಚಿಸಲು ನಿರ್ಧರಿಸಲಾಗಿದೆ. ಇದರೊಂದಿಗೆ, ವಿಶ್ವಪ್ರಸಿದ್ಧ ರಥಯಾತ್ರೆಯಂತಹ ಆಧ್ಯಾತ್ಮಿಕ ಉತ್ಸವದ ಸಮಯದಲ್ಲಿ ಎಲ್ಲಾ ಭಕ್ತರಿಗೆ ಸುರಕ್ಷಿತ, ಆರಾಮದಾಯಕ ಮತ್ತು ಸುಭದ್ರ ಪ್ರಯಾಣಕ್ಕಾಗಿ ಪೂರ್ವ ಕರಾವಳಿ ರೈಲ್ವೆ ಈ ಸೌಲಭ್ಯವನ್ನು ಒದಗಿಸಿದೆ.
ನೆಹರು ಮೃಗಾಲಯದಿಂದ ಹುಲಿ ಮರಿಗಳನ್ನು ದತ್ತು ಪಡೆದ ಉಪಾಸನಾ
ಹೈದರಾಬಾದ್: ಅಪೋಲೋ ಆಸ್ಪತ್ರೆಯ ಸಿಎಸ್‌ಆರ್ ಉಪಾಧ್ಯಕ್ಷೆ, ಯುಆರ್ ಲೈಫ್ ಫೌಂಡೇಶನ್ ಸ್ಥಾಪಕಿ ಹಾಗೂ ಚಲನಚಿತ್ರ ನಟ ರಾಮ್ ಚರಣ್ ಅವರ ಪತ್ನಿ ಉಪಾಸನಾ ಕೊನಿಡೇಲಾ ಅವರು ನೆಹರು ಮೃಗಾಲಯದಲ್ಲಿ ಹುಲಿ ಮರಿಗಳನ್ನು ದತ್ತು ಪಡೆದರು. ಗುರುವಾರ ತಮ್ಮ ಮಗಳು ಕ್ಲಿಂಕಾರ ಅವರೊಂದಿಗೆ ಮೃಗಾಲಯಕ್ಕೆ ಆಗಮಿಸಿದ ಉಪಾಸನಾ, ಮೃಗಾಲಯದಲ್ಲಿನ ವಿವಿಧ ಪ್ರಾಣಿಗಳ ಆವರಣಗಳನ್ನು ವೀಕ್ಷಿಸಿದರು. ನಂತರ, ಅವರು ಮೃಗಾಲಯ ಉದ್ಯಾನವನದ ನಿರ್ದೇಶಕ ಡಾ. ಸುನಿಲ್ ಎಸ್. ಹಿರೇಮಠ ಅವರನ್ನು ಸಂಪರ್ಕಿಸಿ ಹುಲಿ ಮರಿಗಳನ್ನು ದತ್ತು ಪಡೆದರು. ಹುಲಿ ಮರಿಗಳ ನಿರ್ವಹಣೆಗೆ ಬೇಕಾದ ಹಣವನ್ನು ದೇಣಿಗೆ ಚೆಕ್ ರೂಪದಲ್ಲಿ ಮೃಗಾಲಯದ ನಿರ್ದೇಶಕರಿಗೆ ಹಸ್ತಾಂತರಿಸಲಾಯಿತು.
ಈ ಸಂದರ್ಭದಲ್ಲಿ, ಡಾ. ಸುನಿಲ್ ಎಸ್. ಹಿರೇಮಠ ಅವರು ಮಾತನಾಡಿ, ಕಾರ್ಪೊರೇಟ್ ಸಂಸ್ಥೆಗಳ ಜೊತೆಗೆ, ಬ್ಯಾಂಕುಗಳು, ಶಿಕ್ಷಣ ಸಂಸ್ಥೆಗಳು ಮತ್ತು ಪ್ರಾಣಿ ಪ್ರಿಯರು ಪ್ರಾಣಿ ದತ್ತು ಯೋಜನೆಯಲ್ಲಿ ಕೈಜೋಡಿಸುತ್ತಿದ್ದಾರೆ ಎಂದು ಹೇಳಿದರು.
ಉಪಾಸನಾ ಶುಕ್ರವಾರ ಈ ಬಗ್ಗೆ ಜಾಲತಾಣದಲ್ಲಿ ಪೋಸ್ಟ್ ಹಂಚಿಕೊಂಡಿದ್ದಾರೆ. ಹೈದರಾಬಾದ್‌ನ ನೆಹರು ಪ್ರಾಣಿಶಾಸ್ತ್ರ ಉದ್ಯಾನವನ ತಂಡಕ್ಕೆ ಅವರು ಧನ್ಯವಾದ ಕೂಡ ಅರ್ಪಿಸಿದ್ದಾರೆ. ಮೃಗಾಲಯದಲ್ಲಿರುವ ಹೆಣ್ಣು ಹುಲಿಯೊಂದಕ್ಕೆ ನಮ್ಮ ಮಗಳ ಹೆಸರಿಡಲಾಗಿದೆ ಎಂದು ಉಪಾಸನಾ ಪೋಸ್ಟ್‌ನಲ್ಲಿ ಹೇಳಿಕೊಂಡಿದ್ದಾರೆ.
ಕಾರಿನ ಚಕ್ರದಡಿ ಸಿಲುಕಿ ವೃದ್ಧ ಅಪ್ಪಚ್ಚಿ: ಕೈ ಬೀಸಿ ಹೊರಟ ಮಾಜಿ ಮುಖ್ಯಮಂತ್ರಿ..!
ಆಂಧ್ರ: ಆಂಧ್ರ ಪ್ರದೇಶ ಮಾಜಿ ಮುಖ್ಯಮಂತ್ರಿ ಜಗನ್ ಮೋಹನ್ ರೆಡ್ಡಿ ರ‍್ಯಾಲಿಯಲ್ಲಿ ದೊಡ್ಡ ಅಪಘಾತ ನಡೆದು ಹೋಗಿದೆ. ಕಿಕ್ಕಿರಿದು ಸೇರಿದ್ದ ಜನರ ನಡುವೆಯಿಂದ ಜಗನ್ ಮೋಹನ್ ರೆಡ್ಡಿ ಕಾರು ವ್ಯಕ್ತಿಯ ಮೇಲೆ ಹರಿದಿದೆ. ಆದರೆ ಇದ್ಯಾವುದರ ಪರಿವೇ ಇಲ್ಲದ ಜಗನ್ ಮೋಹನ್ ರೆಡ್ಡಿ ಜನರತ್ತ ಕೈಬೀಸುತ್ತಾ ತೆರಳಿದ ಘಟನೆ ನಡೆದಿದೆ. ಜಗನ್ ಮೋಹನ್ ರೆಡ್ಡಿ ಕಾರಿನಡಿಗೆ ಬಿದ್ದ ವ್ಯಕ್ತಿ ಅಪ್ಪಚ್ಚಿಯಾದ ವಿಡಿಯೋ ಇದೀಗ ಸೋಶಿಯಲ್ ಮೀಡಿಯಾದಲ್ಲಿ ಹರಿದಾಡುತ್ತಿದೆ. ಗುಂಟೂರು ಜಿಲ್ಲೆಯಲ್ಲಿ ವೈಎಸ್‌ಆರ್‌ಸಿಪಿ ಪಕ್ಷದ ಬೃಹತ್ ರ‍್ಯಾಲಿ ಆಯೋಜಿಸಲಾಗಿತ್ತು. ಮಾಜಿ ಸಿಎಂ ಜಗನ್ ಮೋಹನ್ ರೆಡ್ಡಿ ಕಾರಿನ ಮೂಲಕ ಆಗಮಿಸಿದ್ದರು. ರ‍್ಯಾಲಿಗಾಗಿ ಭಾರೀ ಸಂಖ್ಯೆಯಲ್ಲಿ ಕಾರ್ಯಕರ್ತರು ಆಗಮಿಸಿದ್ದರು. ಅಭಿಮಾನಿಗಳು ಜಗನ್ ಕಾರು ಸುತ್ತುವರೆದಿದ್ದಾರೆ. ಜಗನ್ ಕೈ ಕುಲುಕಲು ಪ್ರಯತ್ನಿಸಿದ್ದಾರೆ. ಈ ನೂಕಾಟ ತಳ್ಳಾಟದಲ್ಲಿ 65 ವರ್ಷದ ಕಾರ್ಯಕರ್ತ
ಚೀಲಿ ಸಿಂಗಯ್ಯ ಕಾರಿನಡಿಗೆ ಬಿದ್ದಿದ್ದಾರೆ. ಜನರ ಜಯಘೋಷ, ಜಯಘೋಷಗಳು ಮೊಳಗಿದೆ. ಹೀಗಾಗಿ ವ್ಯಕ್ತಿ ಕಾರಿನಡಿಗೆ ಬಿದ್ದರೂ ಯಾರಿಗೂ ಗೊತ್ತೇ ಆಗಿಲ್ಲ. ಇತ್ತ ಪರಿಸ್ಥಿತಿ ಕೈಮೀರುತ್ತಿದ್ದರೂ ಜಗನ್ ಮೋಹನ್ ರೆಡ್ಡಿ ಮಾತ್ರ ಜನರತ್ತ ಕೈಬೀಸುತ್ತಾ ತೆರಳಿದ್ದಾರೆ ಎನ್ನಲಾಗುತ್ತಿದೆ. ಸಿಂಗಯ್ಯ ರಸ್ತೆ ಅಪಘಾತದ ಬಗ್ಗೆ ಟಿಡಿಪಿ ರಾಜಕೀಯ ಪಿತೂರಿ ನಡೆಸಿದೆ ಎನ್ನಲಾಗುತ್ತಿದೆ. ಜಗನ್ ಅವರ ವ್ಯಕ್ತಿತ್ವಕ್ಕೆ ಧಕ್ಕೆ ತರಲು ಸಿಂಗಯ್ಯ ಸಾವಿನ ಬಗ್ಗೆ ಸುಳ್ಳು ದೂರು ನೀಡುವಂತೆ ಟಿಡಿಪಿ ನಾಯಕರು, ಕುಟುಂಬ ಸದಸ್ಯರ ಮೇಲೆ ಒತ್ತಡ ಹೇರಿದ್ದಾರೆ. ಸಿಂಗಯ್ಯ ಕುಟುಂಬ ಒಪ್ಪಿಕೊಳ್ಳದ ಕಾರಣ ಎಲ್ಲೋ ಗ್ಯಾಂಗ್ ಸುಳ್ಳು ಪ್ರಚಾರ ಮಾಡುತ್ತಿದೆ. ಜಗನ್ ಅವರ ವಾಹನ ಡಿಕ್ಕಿ ಹೊಡೆದಿಲ್ಲ ಎಂದು ಎಸ್‌ಪಿ ಸತೀಶ್ ಅಧಿಕೃತವಾಗಿ ಘೋಷಿಸಿದ್ದಾರೆ. ಆದರೂ ಟಿಡಿಪಿ ಮತ್ತು ಎಲ್ಲೋ ಮೀಡಿಯಾ ವೈಎಸ್ ಜಗನ್ ಮೋಹನ್ ರೆಡ್ಡಿ ಅವರ ಮೇಲೆ ಕೆಸರು ಎರಚುತ್ತಿವೆ ಎಂದು ದೂರಿದ್ದಾರೆ.
